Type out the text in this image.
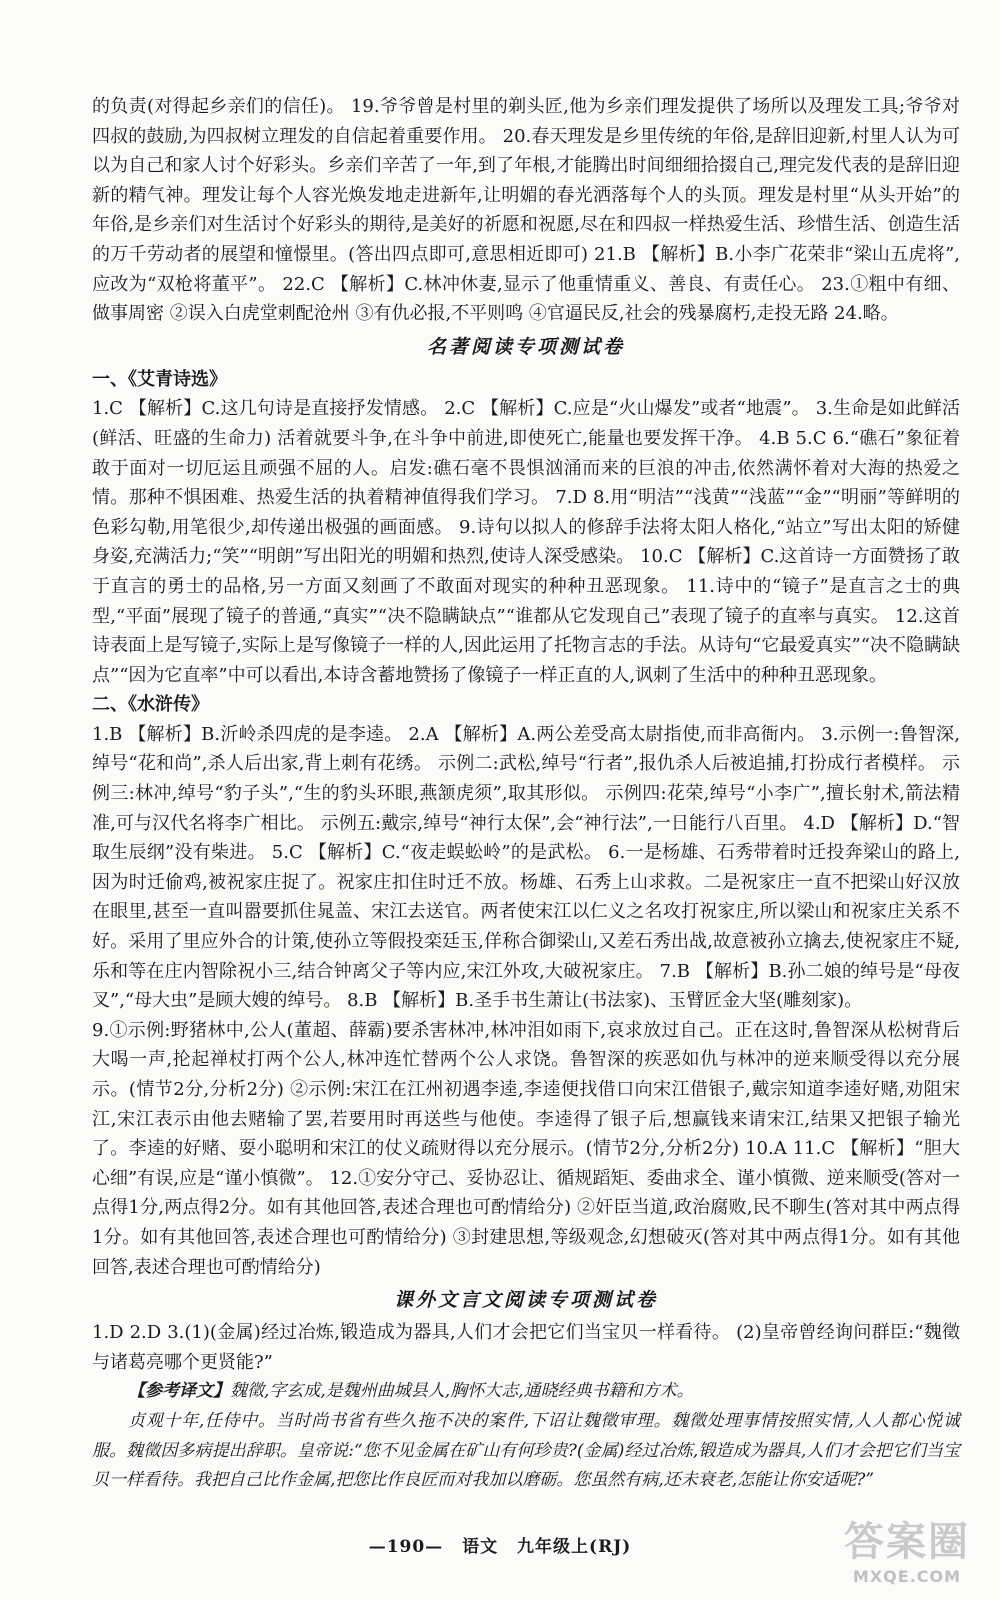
的负责(对得起乡亲们的信任)。 19.爷爷曾是村里的剃头匠,他为乡亲们理发提供了场所以及理发工具;爷爷对四叔的鼓励,为四叔树立理发的自信起着重要作用。 20.春天理发是乡里传统的年俗,是辞旧迎新,村里人认为可以为自己和家人讨个好彩头。乡亲们辛苦了一年,到了年根,才能腾出时间细细拾掇自己,理完发代表的是辞旧迎新的精气神。理发让每个人容光焕发地走进新年,让明媚的春光洒落每个人的头顶。理发是村里“从头开始”的年俗,是乡亲们对生活讨个好彩头的期待,是美好的祈愿和祝愿,尽在和四叔一样热爱生活、珍惜生活、创造生活的万千劳动者的展望和憧憬里。(答出四点即可,意思相近即可) 21.B 【解析】B.小李广花荣非“梁山五虎将”,应改为“双枪将董平”。 22.C 【解析】C.林冲休妻,显示了他重情重义、善良、有责任心。 23.①粗中有细、做事周密 ②误入白虎堂刺配沧州 ③有仇必报,不平则鸣 ④官逼民反,社会的残暴腐朽,走投无路 24.略。

名著阅读专项测试卷

一、《艾青诗选》

1.C 【解析】C.这几句诗是直接抒发情感。 2.C 【解析】C.应是“火山爆发”或者“地震”。 3.生命是如此鲜活(鲜活、旺盛的生命力) 活着就要斗争,在斗争中前进,即使死亡,能量也要发挥干净。 4.B 5.C 6.“礁石”象征着敢于面对一切厄运且顽强不屈的人。启发:礁石毫不畏惧汹涌而来的巨浪的冲击,依然满怀着对大海的热爱之情。那种不惧困难、热爱生活的执着精神值得我们学习。 7.D 8.用“明洁”“浅黄”“浅蓝”“金”“明丽”等鲜明的色彩勾勒,用笔很少,却传递出极强的画面感。 9.诗句以拟人的修辞手法将太阳人格化,“站立”写出太阳的矫健身姿,充满活力;“笑”“明朗”写出阳光的明媚和热烈,使诗人深受感染。 10.C 【解析】C.这首诗一方面赞扬了敢于直言的勇士的品格,另一方面又刻画了不敢面对现实的种种丑恶现象。 11.诗中的“镜子”是直言之士的典型,“平面”展现了镜子的普通,“真实”“决不隐瞒缺点”“谁都从它发现自己”表现了镜子的直率与真实。 12.这首诗表面上是写镜子,实际上是写像镜子一样的人,因此运用了托物言志的手法。从诗句“它最爱真实”“决不隐瞒缺点”“因为它直率”中可以看出,本诗含蓄地赞扬了像镜子一样正直的人,讽刺了生活中的种种丑恶现象。

二、《水浒传》

1.B 【解析】B.沂岭杀四虎的是李逵。 2.A 【解析】A.两公差受高太尉指使,而非高衙内。 3.示例一:鲁智深,绰号“花和尚”,杀人后出家,背上刺有花绣。 示例二:武松,绰号“行者”,报仇杀人后被追捕,打扮成行者模样。 示例三:林冲,绰号“豹子头”,“生的豹头环眼,燕颔虎须”,取其形似。 示例四:花荣,绰号“小李广”,擅长射术,箭法精准,可与汉代名将李广相比。 示例五:戴宗,绰号“神行太保”,会“神行法”,一日能行八百里。 4.D 【解析】D.“智取生辰纲”没有柴进。 5.C 【解析】C.“夜走蜈蚣岭”的是武松。 6.一是杨雄、石秀带着时迁投奔梁山的路上,因为时迁偷鸡,被祝家庄捉了。祝家庄扣住时迁不放。杨雄、石秀上山求救。二是祝家庄一直不把梁山好汉放在眼里,甚至一直叫嚣要抓住晁盖、宋江去送官。两者使宋江以仁义之名攻打祝家庄,所以梁山和祝家庄关系不好。采用了里应外合的计策,使孙立等假投栾廷玉,佯称合御梁山,又差石秀出战,故意被孙立擒去,使祝家庄不疑,乐和等在庄内智除祝小三,结合钟离父子等内应,宋江外攻,大破祝家庄。 7.B 【解析】B.孙二娘的绰号是“母夜叉”,“母大虫”是顾大嫂的绰号。 8.B 【解析】B.圣手书生萧让(书法家)、玉臂匠金大坚(雕刻家)。

9.①示例:野猪林中,公人(董超、薛霸)要杀害林冲,林冲泪如雨下,哀求放过自己。正在这时,鲁智深从松树背后大喝一声,抡起禅杖打两个公人,林冲连忙替两个公人求饶。鲁智深的疾恶如仇与林冲的逆来顺受得以充分展示。(情节2分,分析2分) ②示例:宋江在江州初遇李逵,李逵便找借口向宋江借银子,戴宗知道李逵好赌,劝阻宋江,宋江表示由他去赌输了罢,若要用时再送些与他使。李逵得了银子后,想赢钱来请宋江,结果又把银子输光了。李逵的好赌、耍小聪明和宋江的仗义疏财得以充分展示。(情节2分,分析2分) 10.A 11.C 【解析】“胆大心细”有误,应是“谨小慎微”。 12.①安分守己、妥协忍让、循规蹈矩、委曲求全、谨小慎微、逆来顺受(答对一点得1分,两点得2分。如有其他回答,表述合理也可酌情给分) ②奸臣当道,政治腐败,民不聊生(答对其中两点得1分。如有其他回答,表述合理也可酌情给分) ③封建思想,等级观念,幻想破灭(答对其中两点得1分。如有其他回答,表述合理也可酌情给分)

课外文言文阅读专项测试卷

1.D 2.D 3.(1)(金属)经过冶炼,锻造成为器具,人们才会把它们当宝贝一样看待。 (2)皇帝曾经询问群臣:“魏徵与诸葛亮哪个更贤能?”

【参考译文】魏徵,字玄成,是魏州曲城县人,胸怀大志,通晓经典书籍和方术。

贞观十年,任侍中。当时尚书省有些久拖不决的案件,下诏让魏徵审理。魏徵处理事情按照实情,人人都心悦诚服。魏徵因多病提出辞职。皇帝说:“您不见金属在矿山有何珍贵?(金属)经过冶炼,锻造成为器具,人们才会把它们当宝贝一样看待。我把自己比作金属,把您比作良匠而对我加以磨砺。您虽然有病,还未衰老,怎能让你安适呢?”

—190— 语文 九年级上(RJ)	答案圈
MXQE.COM
